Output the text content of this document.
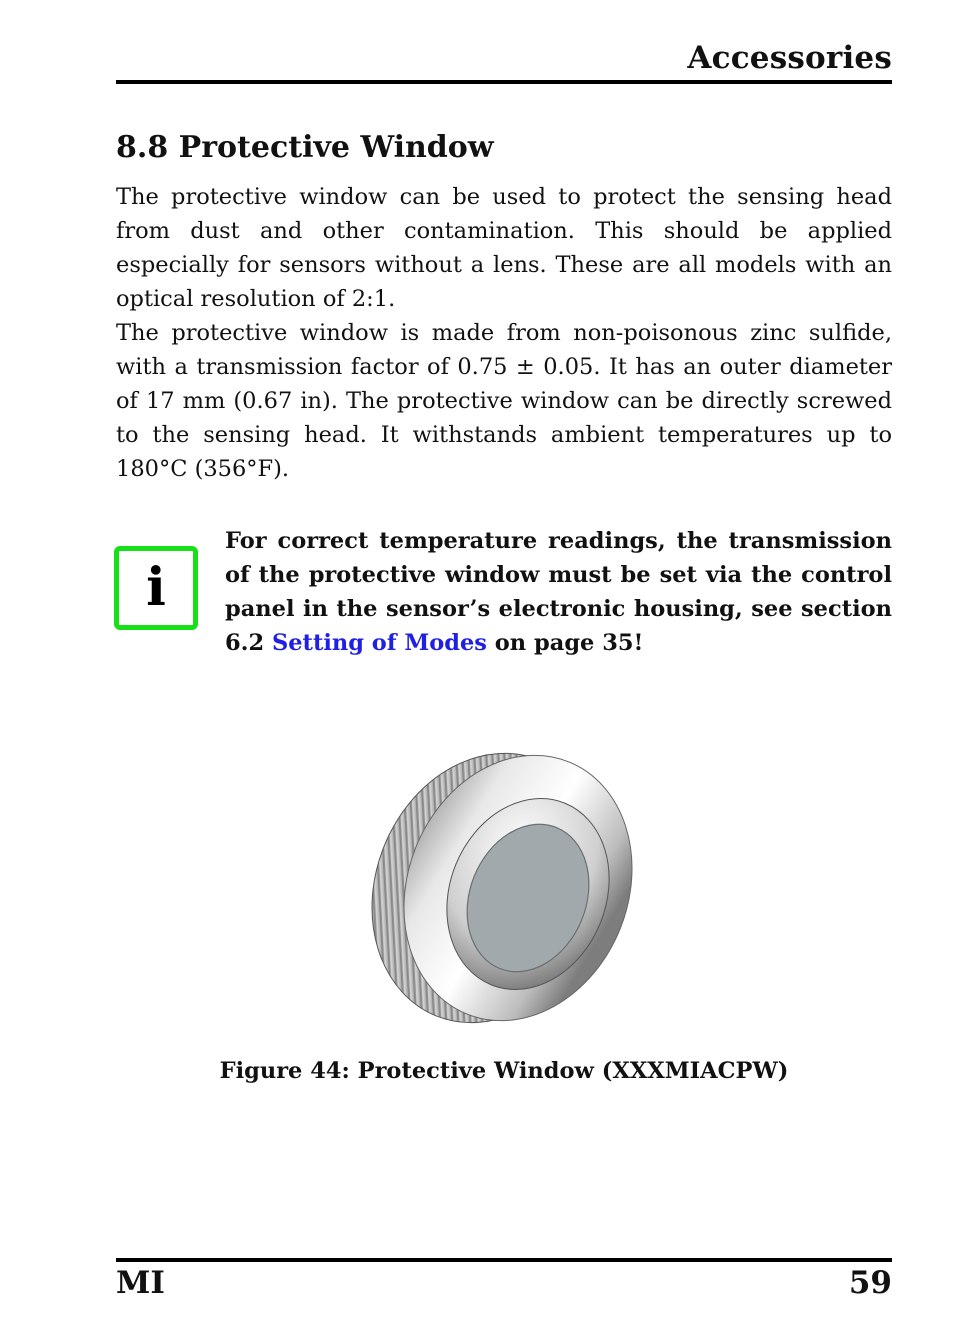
Accessories
8.8 Protective Window

The protective window can be used to protect the sensing head from dust and other contamination. This should be applied especially for sensors without a lens. These are all models with an optical resolution of 2:1.

The protective window is made from non-poisonous zinc sulfide, with a transmission factor of 0.75 ± 0.05. It has an outer diameter of 17 mm (0.67 in). The protective window can be directly screwed to the sensing head. It withstands ambient temperatures up to 180°C (356°F).

i

For correct temperature readings, the transmission of the protective window must be set via the control panel in the sensor’s electronic housing, see section 6.2 Setting of Modes on page 35!

Figure 44: Protective Window (XXXMIACPW)

MI	59
